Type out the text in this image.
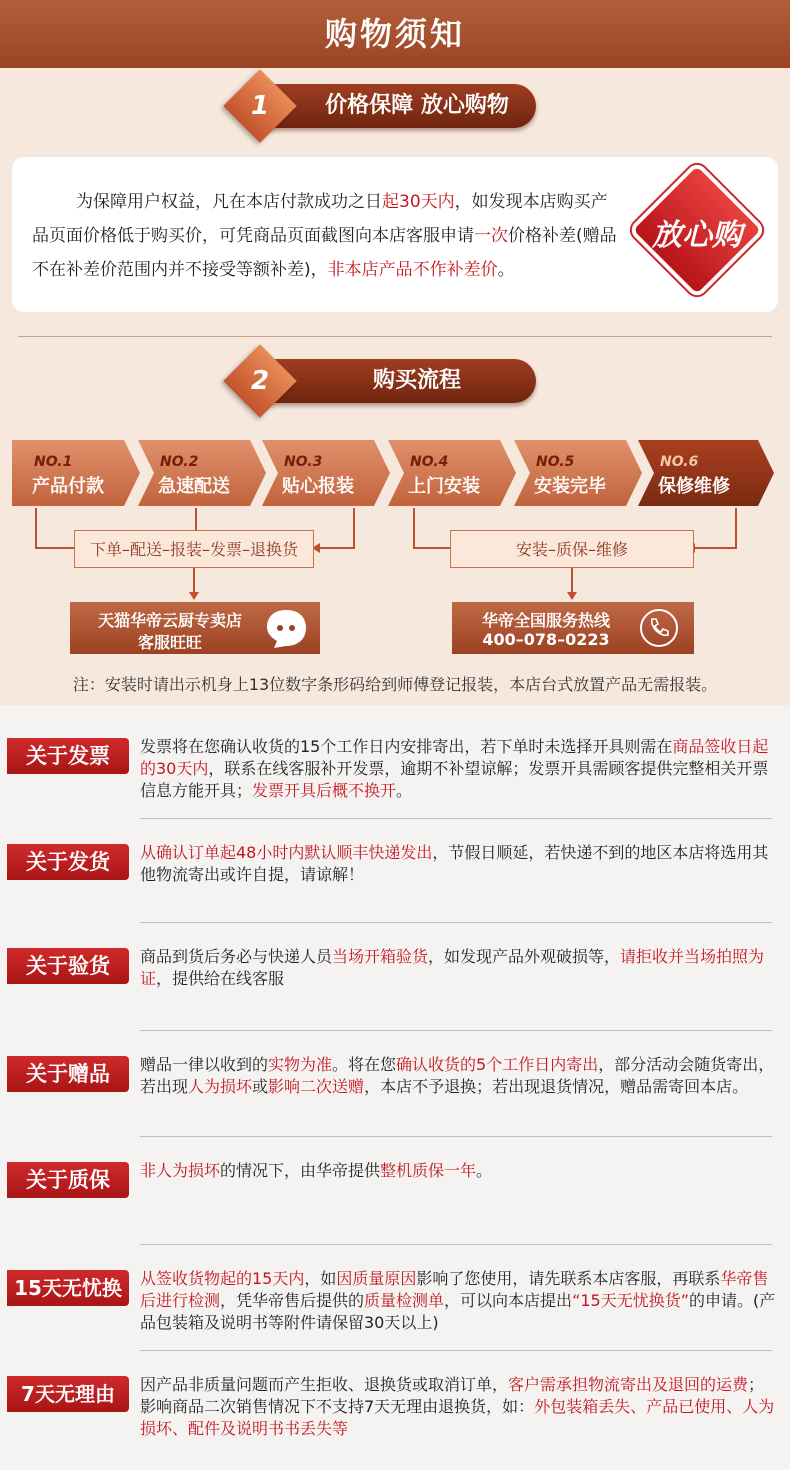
购物须知
价格保障 放心购物
1

为保障用户权益，凡在本店付款成功之日起30天内，如发现本店购买产品页面价格低于购买价，可凭商品页面截图向本店客服申请一次价格补差(赠品不在补差价范围内并不接受等额补差)，非本店产品不作补差价。

放心购
购买流程
2
NO.1
产品付款
NO.2
急速配送
NO.3
贴心报装
NO.4
上门安装
NO.5
安装完毕
NO.6
保修维修
下单–配送–报装–发票–退换货	安装–质保–维修
天猫华帝云厨专卖店
客服旺旺
华帝全国服务热线
400–078–0223
注：安装时请出示机身上13位数字条形码给到师傅登记报装，本店台式放置产品无需报装。
关于发票	发票将在您确认收货的15个工作日内安排寄出，若下单时未选择开具则需在商品签收日起的30天内，联系在线客服补开发票，逾期不补望谅解；发票开具需顾客提供完整相关开票信息方能开具；发票开具后概不换开。
关于发货	从确认订单起48小时内默认顺丰快递发出，节假日顺延，若快递不到的地区本店将选用其他物流寄出或许自提，请谅解！
关于验货	商品到货后务必与快递人员当场开箱验货，如发现产品外观破损等，请拒收并当场拍照为证，提供给在线客服
关于赠品	赠品一律以收到的实物为准。将在您确认收货的5个工作日内寄出，部分活动会随货寄出，若出现人为损坏或影响二次送赠，本店不予退换；若出现退货情况，赠品需寄回本店。
关于质保	非人为损坏的情况下，由华帝提供整机质保一年。
15天无忧换	从签收货物起的15天内，如因质量原因影响了您使用，请先联系本店客服，再联系华帝售后进行检测，凭华帝售后提供的质量检测单，可以向本店提出“15天无忧换货”的申请。(产品包装箱及说明书等附件请保留30天以上)
7天无理由	因产品非质量问题而产生拒收、退换货或取消订单，客户需承担物流寄出及退回的运费；影响商品二次销售情况下不支持7天无理由退换货，如：外包装箱丢失、产品已使用、人为损坏、配件及说明书书丢失等
